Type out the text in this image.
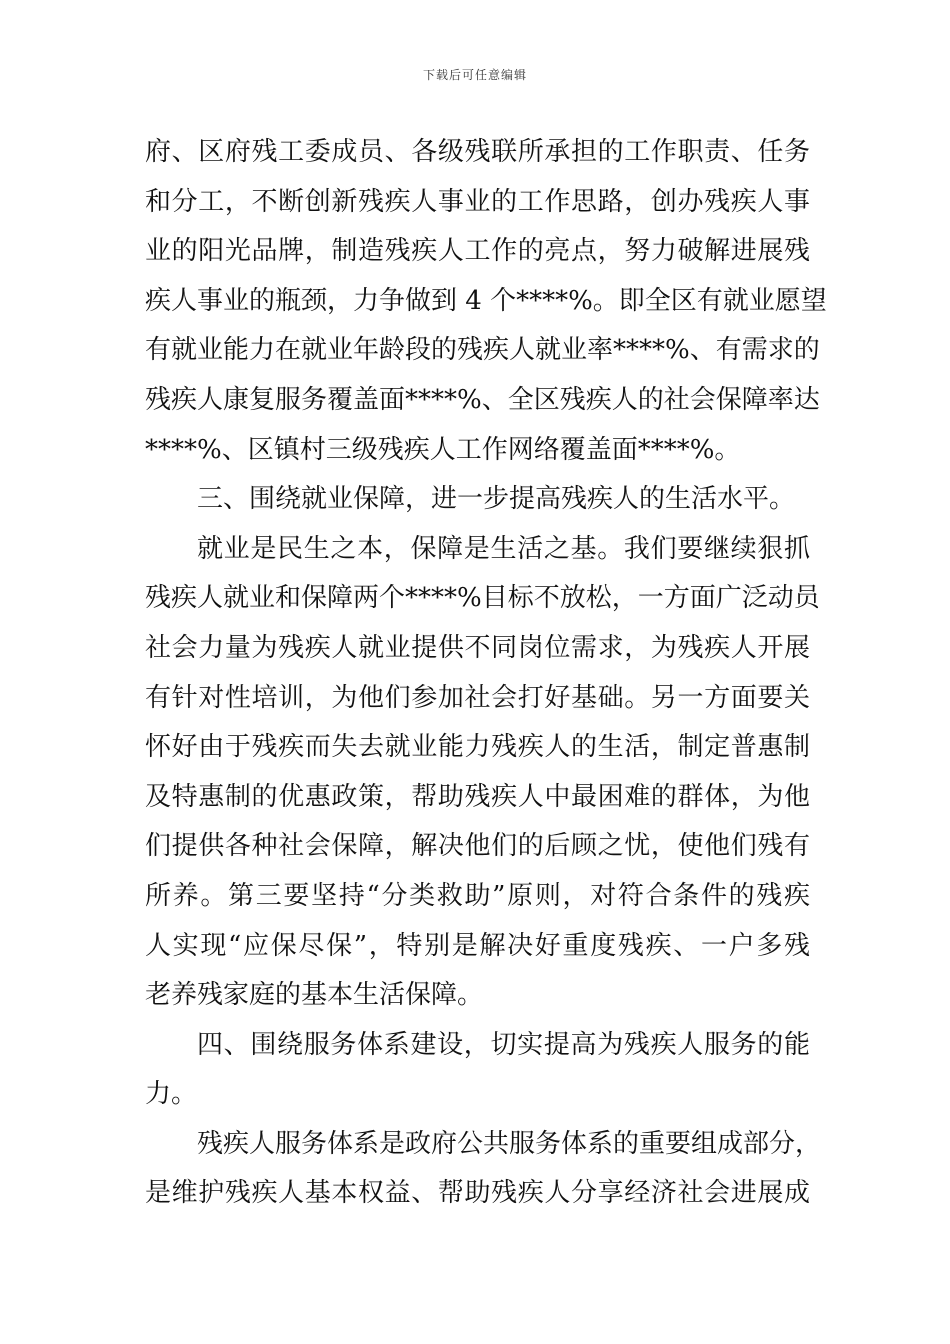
下载后可任意编辑
府、区府残工委成员、各级残联所承担的工作职责、任务
和分工，不断创新残疾人事业的工作思路，创办残疾人事
业的阳光品牌，制造残疾人工作的亮点，努力破解进展残
疾人事业的瓶颈，力争做到 4 个****%。即全区有就业愿望
有就业能力在就业年龄段的残疾人就业率****%、有需求的
残疾人康复服务覆盖面****%、全区残疾人的社会保障率达
****%、区镇村三级残疾人工作网络覆盖面****%。
三、围绕就业保障，进一步提高残疾人的生活水平。
就业是民生之本，保障是生活之基。我们要继续狠抓
残疾人就业和保障两个****%目标不放松，一方面广泛动员
社会力量为残疾人就业提供不同岗位需求，为残疾人开展
有针对性培训，为他们参加社会打好基础。另一方面要关
怀好由于残疾而失去就业能力残疾人的生活，制定普惠制
及特惠制的优惠政策，帮助残疾人中最困难的群体，为他
们提供各种社会保障，解决他们的后顾之忧，使他们残有
所养。第三要坚持“分类救助”原则，对符合条件的残疾
人实现“应保尽保”，特别是解决好重度残疾、一户多残
老养残家庭的基本生活保障。
四、围绕服务体系建设，切实提高为残疾人服务的能
力。
残疾人服务体系是政府公共服务体系的重要组成部分，
是维护残疾人基本权益、帮助残疾人分享经济社会进展成
